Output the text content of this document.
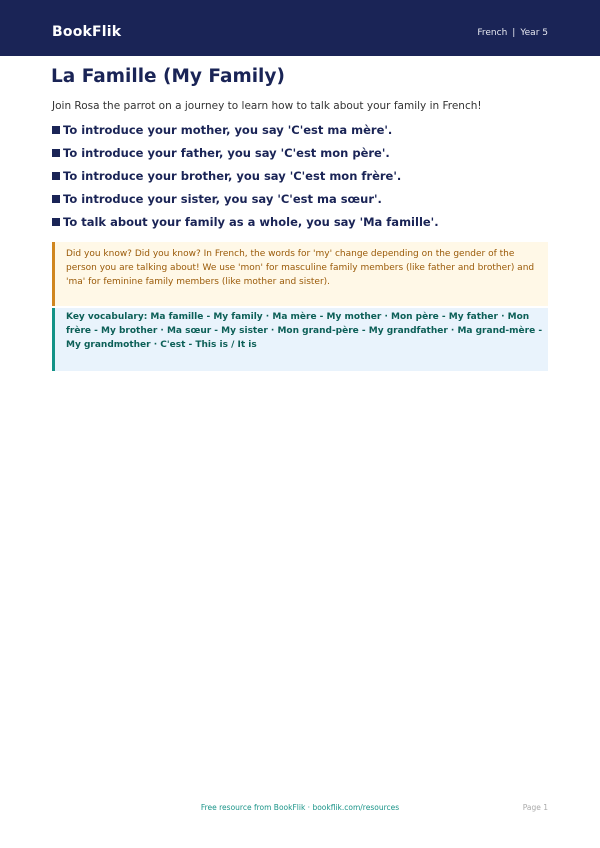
BookFlik	French | Year 5
La Famille (My Family)

Join Rosa the parrot on a journey to learn how to talk about your family in French!

To introduce your mother, you say 'C'est ma mère'.
To introduce your father, you say 'C'est mon père'.
To introduce your brother, you say 'C'est mon frère'.
To introduce your sister, you say 'C'est ma sœur'.
To talk about your family as a whole, you say 'Ma famille'.
Did you know? Did you know? In French, the words for 'my' change depending on the gender of the person you are talking about! We use 'mon' for masculine family members (like father and brother) and 'ma' for feminine family members (like mother and sister).
Key vocabulary: Ma famille - My family · Ma mère - My mother · Mon père - My father · Mon frère - My brother · Ma sœur - My sister · Mon grand-père - My grandfather · Ma grand-mère - My grandmother · C'est - This is / It is
Free resource from BookFlik · bookflik.com/resources	Page 1
